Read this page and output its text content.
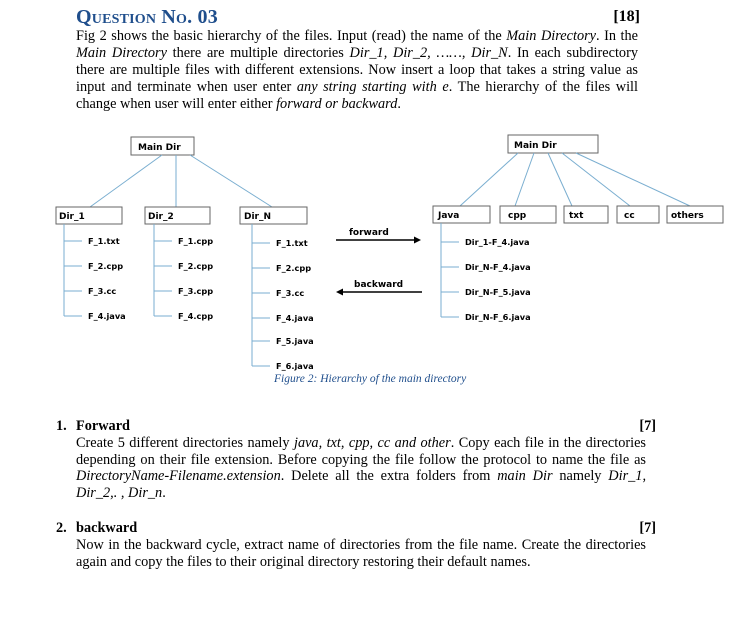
Question No. 03	[18]
Fig 2 shows the basic hierarchy of the files. Input (read) the name of the Main Directory. In the Main Directory there are multiple directories Dir_1, Dir_2, ……, Dir_N. In each subdirectory there are multiple files with different extensions. Now insert a loop that takes a string value as input and terminate when user enter any string starting with e. The hierarchy of the files will change when user will enter either forward or backward.
Main Dir
Dir_1	Dir_2	Dir_N
F_1.txt
F_2.cpp
F_3.cc
F_4.java
F_1.cpp
F_2.cpp
F_3.cpp
F_4.cpp
F_1.txt
F_2.cpp
F_3.cc
F_4.java
F_5.java
F_6.java
forward
backward
Main Dir
Java	cpp	txt	cc	others
Dir_1-F_4.java
Dir_N-F_4.java
Dir_N-F_5.java
Dir_N-F_6.java
Figure 2: Hierarchy of the main directory
1. Forward	[7]
Create 5 different directories namely java, txt, cpp, cc and other. Copy each file in the directories depending on their file extension. Before copying the file follow the protocol to name the file as DirectoryName-Filename.extension. Delete all the extra folders from main Dir namely Dir_1, Dir_2,. , Dir_n.
2. backward	[7]
Now in the backward cycle, extract name of directories from the file name. Create the directories again and copy the files to their original directory restoring their default names.
